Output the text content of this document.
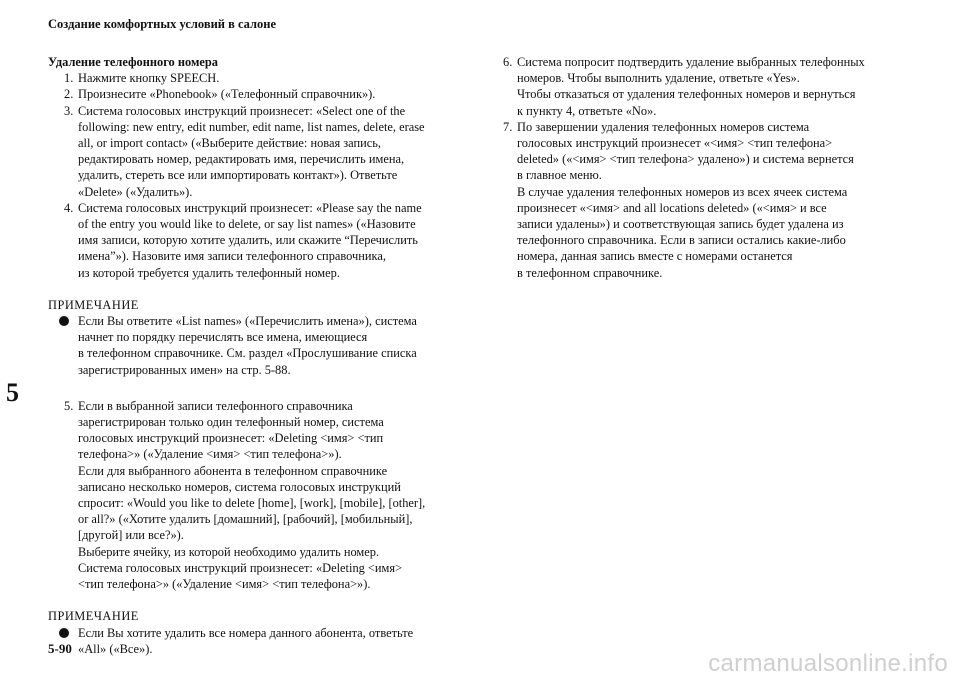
Создание комфортных условий в салоне
Удаление телефонного номера
1. Нажмите кнопку SPEECH.
2. Произнесите «Phonebook» («Телефонный справочник»).
3. Система голосовых инструкций произнесет: «Select one of the
following: new entry, edit number, edit name, list names, delete, erase
all, or import contact» («Выберите действие: новая запись,
редактировать номер, редактировать имя, перечислить имена,
удалить, стереть все или импортировать контакт»). Ответьте
«Delete» («Удалить»).
4. Система голосовых инструкций произнесет: «Please say the name
of the entry you would like to delete, or say list names» («Назовите
имя записи, которую хотите удалить, или скажите “Перечислить
имена”»). Назовите имя записи телефонного справочника,
из которой требуется удалить телефонный номер.
ПРИМЕЧАНИЕ
Если Вы ответите «List names» («Перечислить имена»), система
начнет по порядку перечислять все имена, имеющиеся
в телефонном справочнике. См. раздел «Прослушивание списка
зарегистрированных имен» на стр. 5-88.
5. Если в выбранной записи телефонного справочника
зарегистрирован только один телефонный номер, система
голосовых инструкций произнесет: «Deleting <имя> <тип
телефона>» («Удаление <имя> <тип телефона>»).
Если для выбранного абонента в телефонном справочнике
записано несколько номеров, система голосовых инструкций
спросит: «Would you like to delete [home], [work], [mobile], [other],
or all?» («Хотите удалить [домашний], [рабочий], [мобильный],
[другой] или все?»).
Выберите ячейку, из которой необходимо удалить номер.
Система голосовых инструкций произнесет: «Deleting <имя>
<тип телефона>» («Удаление <имя> <тип телефона>»).
ПРИМЕЧАНИЕ
Если Вы хотите удалить все номера данного абонента, ответьте
«All» («Все»).
6. Система попросит подтвердить удаление выбранных телефонных
номеров. Чтобы выполнить удаление, ответьте «Yes».
Чтобы отказаться от удаления телефонных номеров и вернуться
к пункту 4, ответьте «No».
7. По завершении удаления телефонных номеров система
голосовых инструкций произнесет «<имя> <тип телефона>
deleted» («<имя> <тип телефона> удалено») и система вернется
в главное меню.
В случае удаления телефонных номеров из всех ячеек система
произнесет «<имя> and all locations deleted» («<имя> и все
записи удалены») и соответствующая запись будет удалена из
телефонного справочника. Если в записи остались какие-либо
номера, данная запись вместе с номерами останется
в телефонном справочнике.
5
5-90
carmanualsonline.info
